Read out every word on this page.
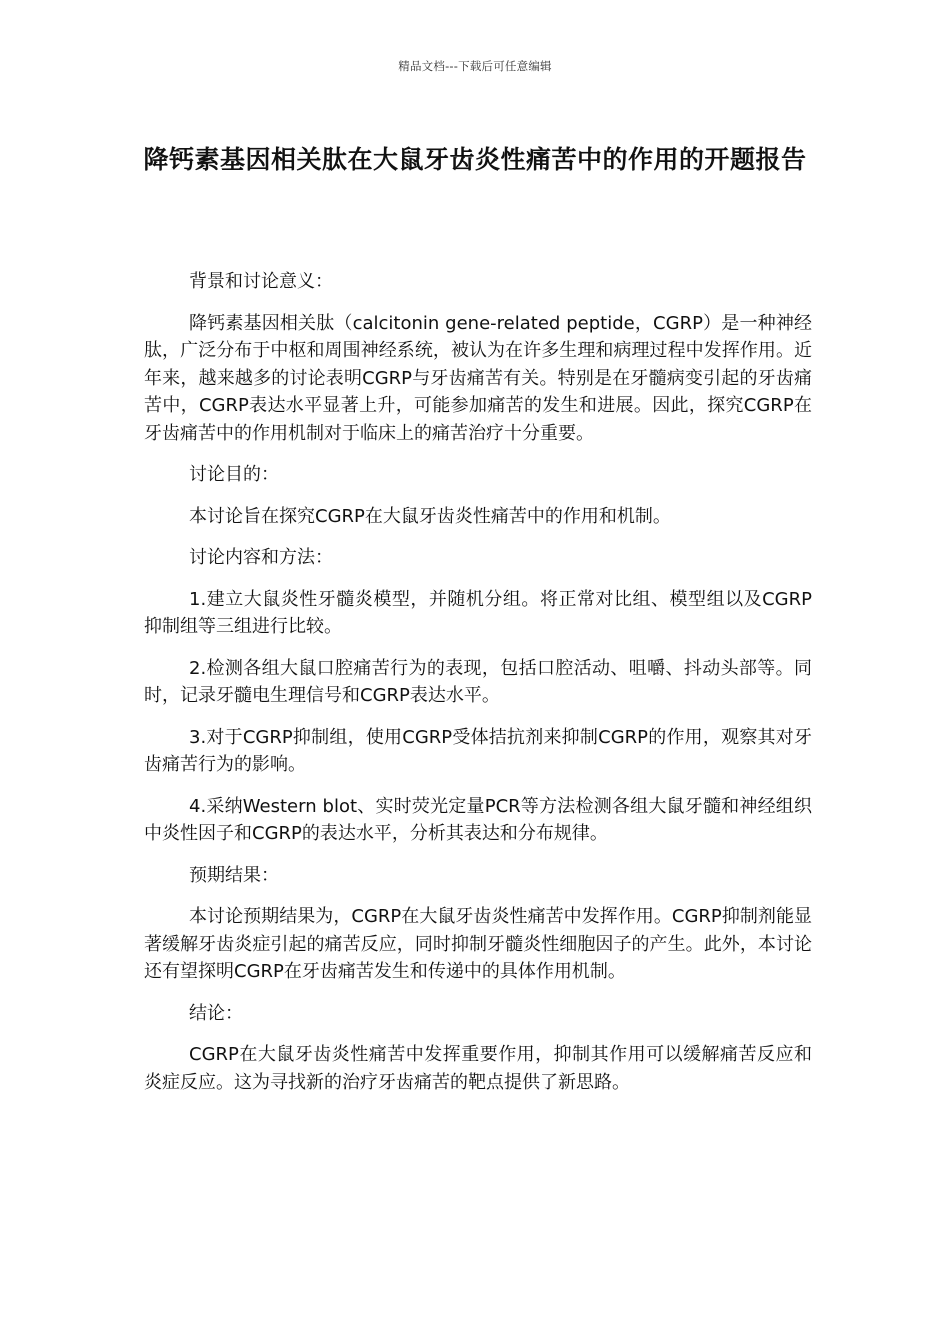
精品文档---下载后可任意编辑
降钙素基因相关肽在大鼠牙齿炎性痛苦中的作用的开题报告

背景和讨论意义：

降钙素基因相关肽（calcitonin gene-related peptide，CGRP）是一种神经肽，广泛分布于中枢和周围神经系统，被认为在许多生理和病理过程中发挥作用。近年来，越来越多的讨论表明CGRP与牙齿痛苦有关。特别是在牙髓病变引起的牙齿痛苦中，CGRP表达水平显著上升，可能参加痛苦的发生和进展。因此，探究CGRP在牙齿痛苦中的作用机制对于临床上的痛苦治疗十分重要。

讨论目的：

本讨论旨在探究CGRP在大鼠牙齿炎性痛苦中的作用和机制。

讨论内容和方法：

1.建立大鼠炎性牙髓炎模型，并随机分组。将正常对比组、模型组以及CGRP抑制组等三组进行比较。

2.检测各组大鼠口腔痛苦行为的表现，包括口腔活动、咀嚼、抖动头部等。同时，记录牙髓电生理信号和CGRP表达水平。

3.对于CGRP抑制组，使用CGRP受体拮抗剂来抑制CGRP的作用，观察其对牙齿痛苦行为的影响。

4.采纳Western blot、实时荧光定量PCR等方法检测各组大鼠牙髓和神经组织中炎性因子和CGRP的表达水平，分析其表达和分布规律。

预期结果：

本讨论预期结果为，CGRP在大鼠牙齿炎性痛苦中发挥作用。CGRP抑制剂能显著缓解牙齿炎症引起的痛苦反应，同时抑制牙髓炎性细胞因子的产生。此外，本讨论还有望探明CGRP在牙齿痛苦发生和传递中的具体作用机制。

结论：

CGRP在大鼠牙齿炎性痛苦中发挥重要作用，抑制其作用可以缓解痛苦反应和炎症反应。这为寻找新的治疗牙齿痛苦的靶点提供了新思路。
